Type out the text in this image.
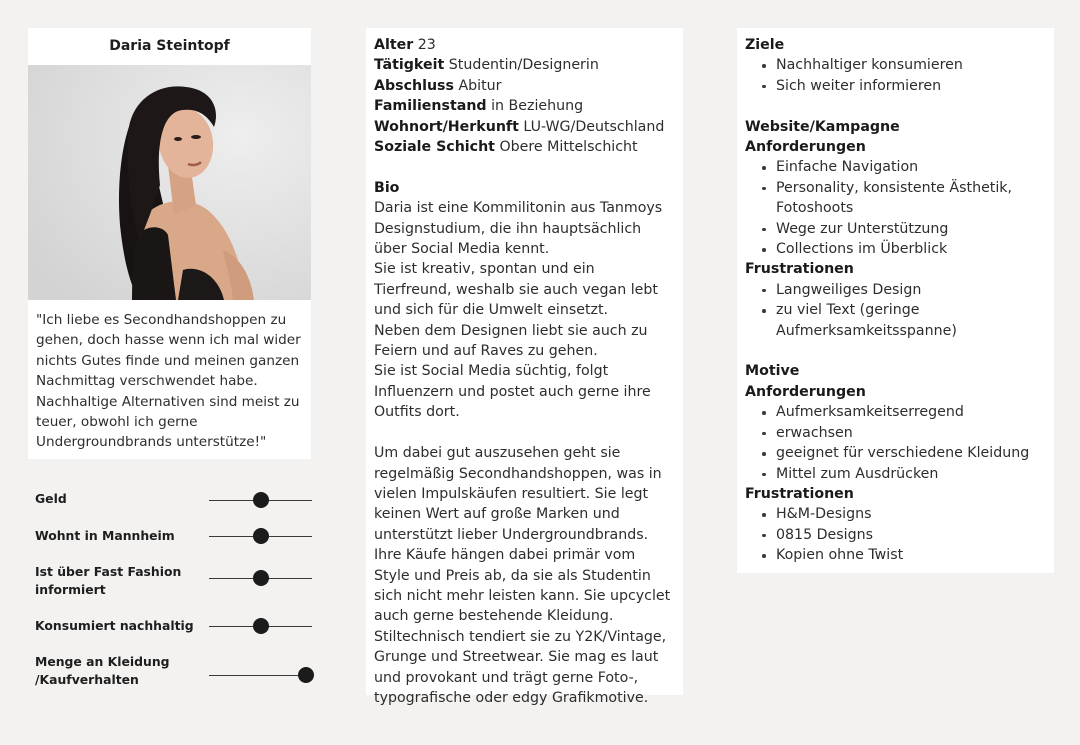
Daria Steintopf
"Ich liebe es Secondhandshoppen zu gehen, doch hasse wenn ich mal wider nichts Gutes finde und meinen ganzen Nachmittag verschwendet habe. Nachhaltige Alternativen sind meist zu teuer, obwohl ich gerne Undergroundbrands unterstütze!"
Geld
Wohnt in Mannheim
Ist über Fast Fashion informiert
Konsumiert nachhaltig
Menge an Kleidung /Kaufverhalten
Alter 23
Tätigkeit Studentin/Designerin
Abschluss Abitur
Familienstand in Beziehung
Wohnort/Herkunft LU-WG/Deutschland
Soziale Schicht Obere Mittelschicht
Bio
Daria ist eine Kommilitonin aus Tanmoys Designstudium, die ihn hauptsächlich über Social Media kennt.
Sie ist kreativ, spontan und ein Tierfreund, weshalb sie auch vegan lebt und sich für die Umwelt einsetzt.
Neben dem Designen liebt sie auch zu Feiern und auf Raves zu gehen.
Sie ist Social Media süchtig, folgt Influenzern und postet auch gerne ihre Outfits dort.
Um dabei gut auszusehen geht sie regelmäßig Secondhandshoppen, was in vielen Impulskäufen resultiert. Sie legt keinen Wert auf große Marken und unterstützt lieber Undergroundbrands. Ihre Käufe hängen dabei primär vom Style und Preis ab, da sie als Studentin sich nicht mehr leisten kann. Sie upcyclet auch gerne bestehende Kleidung.
Stiltechnisch tendiert sie zu Y2K/Vintage, Grunge und Streetwear. Sie mag es laut und provokant und trägt gerne Foto-, typografische oder edgy Grafikmotive.
Ziele
Nachhaltiger konsumieren
Sich weiter informieren
Website/Kampagne
Anforderungen
Einfache Navigation
Personality, konsistente Ästhetik, Fotoshoots
Wege zur Unterstützung
Collections im Überblick
Frustrationen
Langweiliges Design
zu viel Text (geringe Aufmerksamkeitsspanne)
Motive
Anforderungen
Aufmerksamkeitserregend
erwachsen
geeignet für verschiedene Kleidung
Mittel zum Ausdrücken
Frustrationen
H&M-Designs
0815 Designs
Kopien ohne Twist
